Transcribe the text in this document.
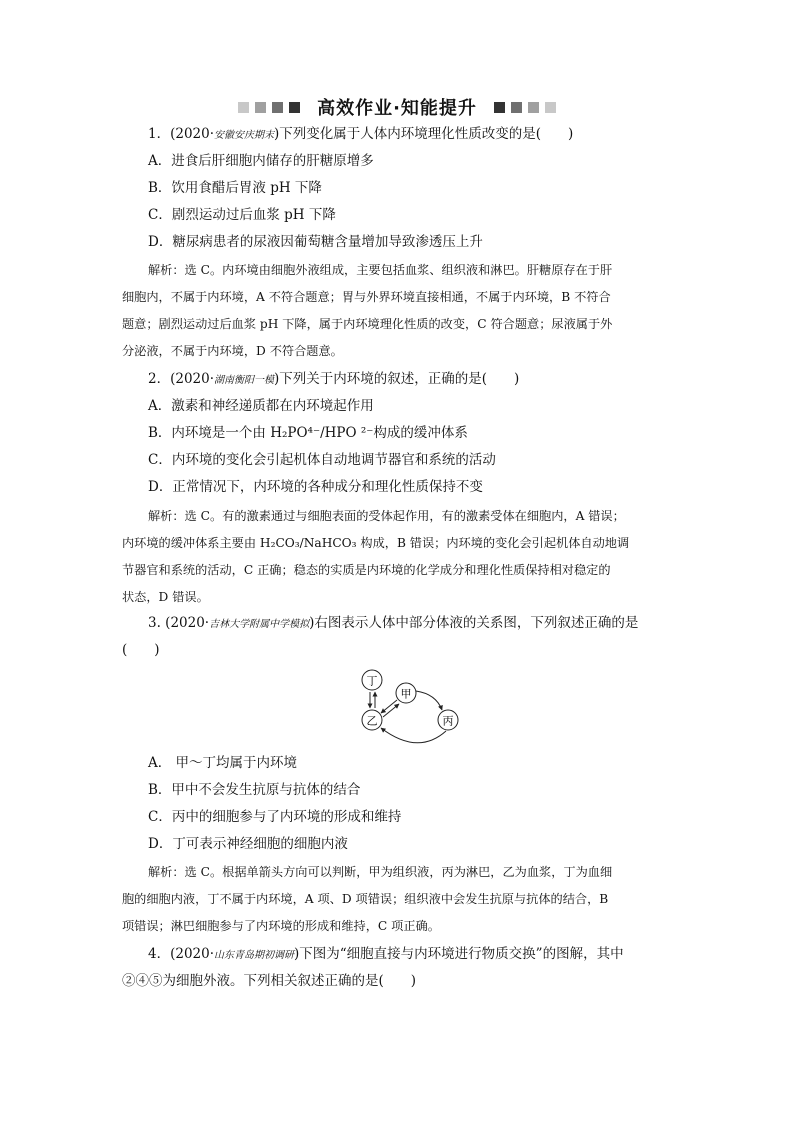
高效作业·知能提升
1．(2020·安徽安庆期末)下列变化属于人体内环境理化性质改变的是(　　)
A．进食后肝细胞内储存的肝糖原增多
B．饮用食醋后胃液 pH 下降
C．剧烈运动过后血浆 pH 下降
D．糖尿病患者的尿液因葡萄糖含量增加导致渗透压上升
解析：选 C。内环境由细胞外液组成，主要包括血浆、组织液和淋巴。肝糖原存在于肝
细胞内，不属于内环境，A 不符合题意；胃与外界环境直接相通，不属于内环境，B 不符合
题意；剧烈运动过后血浆 pH 下降，属于内环境理化性质的改变，C 符合题意；尿液属于外
分泌液，不属于内环境，D 不符合题意。
2．(2020·湖南衡阳一模)下列关于内环境的叙述，正确的是(　　)
A．激素和神经递质都在内环境起作用
B．内环境是一个由 H₂PO⁴⁻/HPO ²⁻构成的缓冲体系
C．内环境的变化会引起机体自动地调节器官和系统的活动
D．正常情况下，内环境的各种成分和理化性质保持不变
解析：选 C。有的激素通过与细胞表面的受体起作用，有的激素受体在细胞内，A 错误；
内环境的缓冲体系主要由 H₂CO₃/NaHCO₃ 构成，B 错误；内环境的变化会引起机体自动地调
节器官和系统的活动，C 正确；稳态的实质是内环境的化学成分和理化性质保持相对稳定的
状态，D 错误。
3. (2020·吉林大学附属中学模拟)右图表示人体中部分体液的关系图，下列叙述正确的是
(　　)
丁
甲
乙	丙
A． 甲～丁均属于内环境
B．甲中不会发生抗原与抗体的结合
C．丙中的细胞参与了内环境的形成和维持
D．丁可表示神经细胞的细胞内液
解析：选 C。根据单箭头方向可以判断，甲为组织液，丙为淋巴，乙为血浆，丁为血细
胞的细胞内液，丁不属于内环境，A 项、D 项错误；组织液中会发生抗原与抗体的结合，B
项错误；淋巴细胞参与了内环境的形成和维持，C 项正确。
4．(2020·山东青岛期初调研)下图为“细胞直接与内环境进行物质交换”的图解，其中
②④⑤为细胞外液。下列相关叙述正确的是(　　)
